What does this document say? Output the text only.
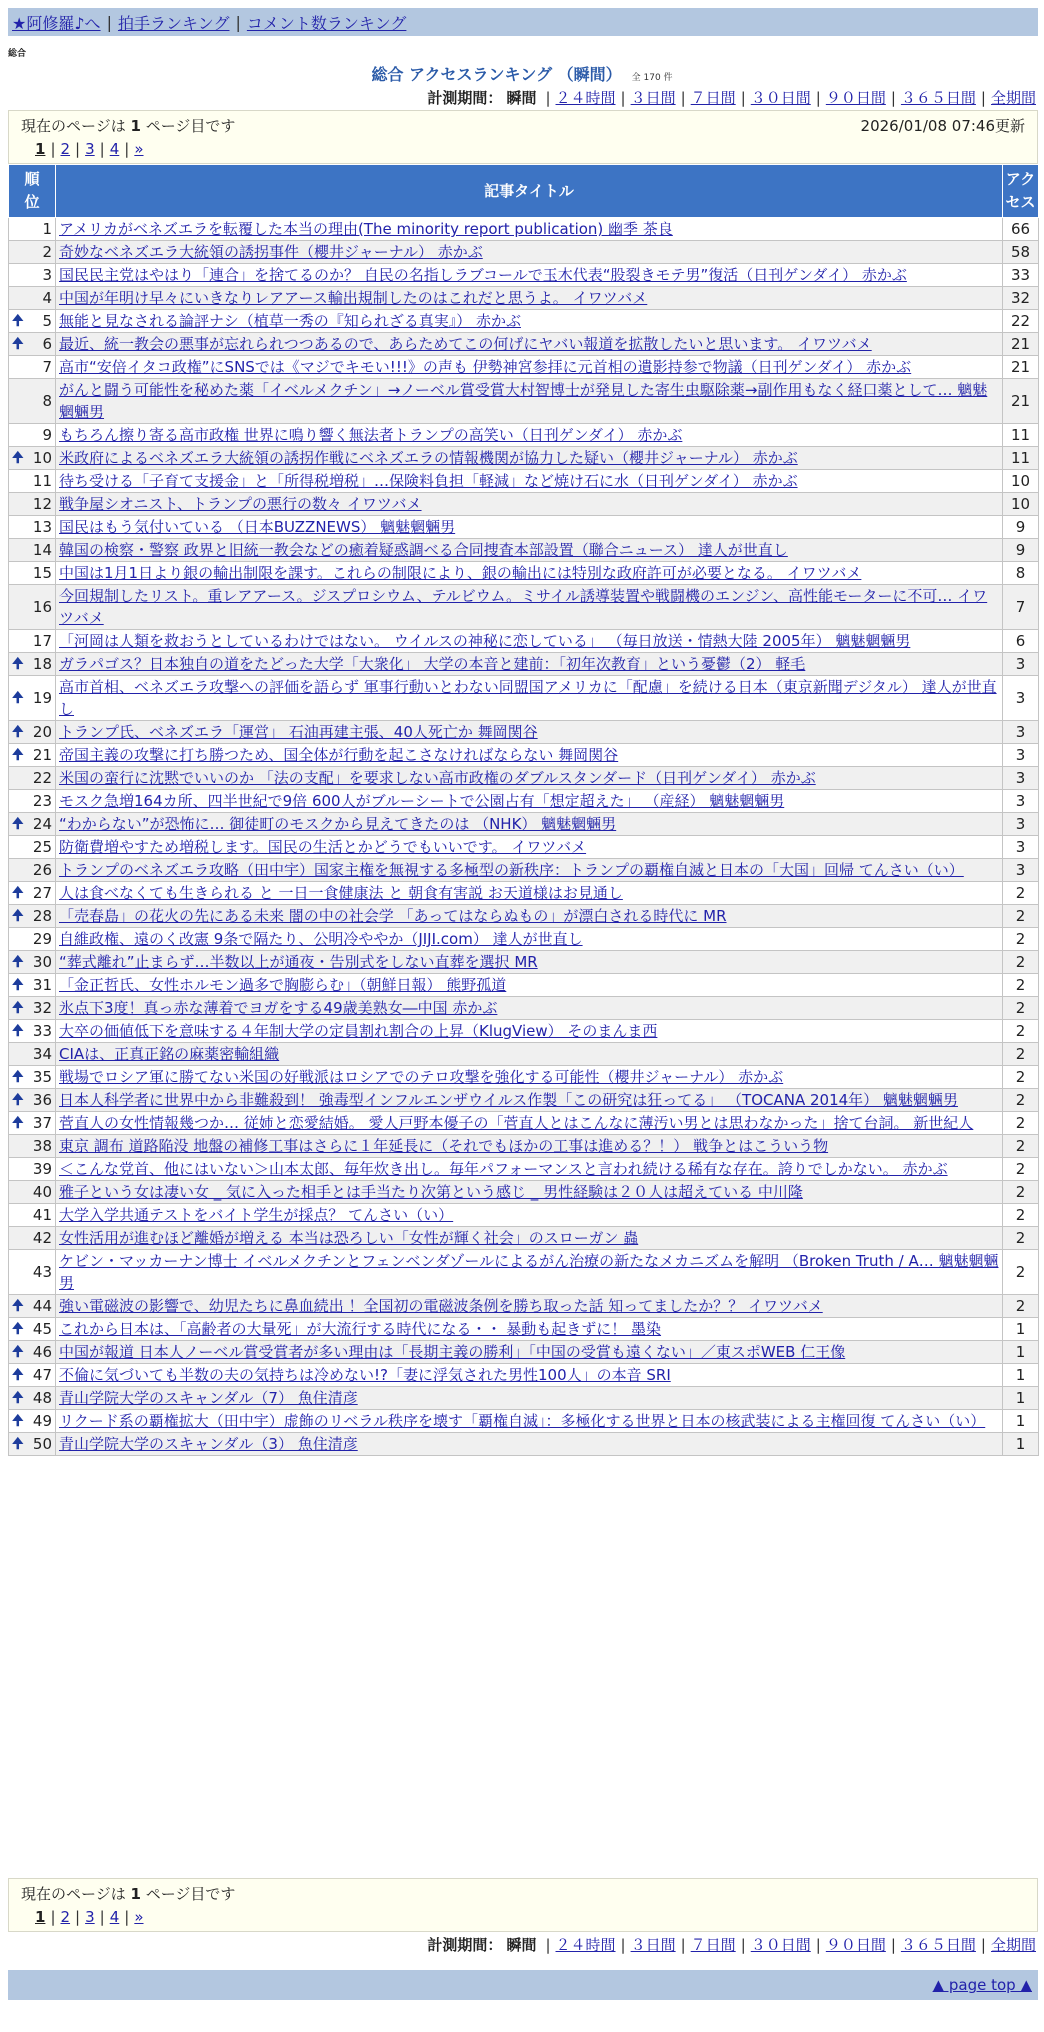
★阿修羅♪へ | 拍手ランキング | コメント数ランキング
総合
総合 アクセスランキング （瞬間） 全 170 件
計測期間： 瞬間 | ２４時間 | ３日間 | ７日間 | ３０日間 | ９０日間 | ３６５日間 | 全期間
現在のページは 1 ページ目です	2026/01/08 07:46更新
1 | 2 | 3 | 4 | »
順
位	記事タイトル	アク
セス
1	アメリカがベネズエラを転覆した本当の理由(The minority report publication) 幽季 茶良	66
2	奇妙なベネズエラ大統領の誘拐事件（櫻井ジャーナル） 赤かぶ	58
3	国民民主党はやはり「連合」を捨てるのか？ 自民の名指しラブコールで玉木代表“股裂きモテ男”復活（日刊ゲンダイ） 赤かぶ	33
4	中国が年明け早々にいきなりレアアース輸出規制したのはこれだと思うよ。 イワツバメ	32

🠉 5	無能と見なされる論評ナシ（植草一秀の『知られざる真実』） 赤かぶ	22

🠉 6	最近、統一教会の悪事が忘れられつつあるので、あらためてこの何げにヤバい報道を拡散したいと思います。 イワツバメ	21
7	高市“安倍イタコ政権”にSNSでは《マジでキモい!!!》の声も 伊勢神宮参拝に元首相の遺影持参で物議（日刊ゲンダイ） 赤かぶ	21
8	がんと闘う可能性を秘めた薬「イベルメクチン」→ノーベル賞受賞大村智博士が発見した寄生虫駆除薬→副作用もなく経口薬として… 魑魅魍魎男	21
9	もちろん擦り寄る高市政権 世界に鳴り響く無法者トランプの高笑い（日刊ゲンダイ） 赤かぶ	11

🠉 10	米政府によるベネズエラ大統領の誘拐作戦にベネズエラの情報機関が協力した疑い（櫻井ジャーナル） 赤かぶ	11
11	待ち受ける「子育て支援金」と「所得税増税」…保険料負担「軽減」など焼け石に水（日刊ゲンダイ） 赤かぶ	10
12	戦争屋シオニスト、トランプの悪行の数々 イワツバメ	10
13	国民はもう気付いている （日本BUZZNEWS） 魑魅魍魎男	9
14	韓国の検察・警察 政界と旧統一教会などの癒着疑惑調べる合同捜査本部設置（聯合ニュース） 達人が世直し	9
15	中国は1月1日より銀の輸出制限を課す。これらの制限により、銀の輸出には特別な政府許可が必要となる。 イワツバメ	8
16	今回規制したリスト。重レアアース。ジスプロシウム、テルビウム。ミサイル誘導装置や戦闘機のエンジン、高性能モーターに不可… イワツバメ	7
17	「河岡は人類を救おうとしているわけではない。 ウイルスの神秘に恋している」 （毎日放送・情熱大陸 2005年） 魑魅魍魎男	6

🠉 18	ガラパゴス？日本独自の道をたどった大学「大衆化」 大学の本音と建前：「初年次教育」という憂鬱（2） 軽毛	3

🠉 19	高市首相、ベネズエラ攻撃への評価を語らず 軍事行動いとわない同盟国アメリカに「配慮」を続ける日本（東京新聞デジタル） 達人が世直し	3

🠉 20	トランプ氏、ベネズエラ「運営」 石油再建主張、40人死亡か 舞岡関谷	3

🠉 21	帝国主義の攻撃に打ち勝つため、国全体が行動を起こさなければならない 舞岡関谷	3
22	米国の蛮行に沈黙でいいのか 「法の支配」を要求しない高市政権のダブルスタンダード（日刊ゲンダイ） 赤かぶ	3
23	モスク急増164カ所、四半世紀で9倍 600人がブルーシートで公園占有「想定超えた」 （産経） 魑魅魍魎男	3

🠉 24	“わからない”が恐怖に… 御徒町のモスクから見えてきたのは （NHK） 魑魅魍魎男	3
25	防衛費増やすため増税します。国民の生活とかどうでもいいです。 イワツバメ	3
26	トランプのベネズエラ攻略（田中宇）国家主権を無視する多極型の新秩序：トランプの覇権自滅と日本の「大国」回帰 てんさい（い）	3

🠉 27	人は食べなくても生きられる と 一日一食健康法 と 朝食有害説 お天道様はお見通し	2

🠉 28	「売春島」の花火の先にある未来 闇の中の社会学 「あってはならぬもの」が漂白される時代に MR	2
29	自維政権、遠のく改憲 9条で隔たり、公明冷ややか（JIJI.com） 達人が世直し	2

🠉 30	“葬式離れ”止まらず…半数以上が通夜・告別式をしない直葬を選択 MR	2

🠉 31	「金正哲氏、女性ホルモン過多で胸膨らむ」（朝鮮日報） 熊野孤道	2

🠉 32	氷点下3度！真っ赤な薄着でヨガをする49歳美熟女―中国 赤かぶ	2

🠉 33	大卒の価値低下を意味する４年制大学の定員割れ割合の上昇（KlugView） そのまんま西	2
34	CIAは、正真正銘の麻薬密輸組織	2

🠉 35	戦場でロシア軍に勝てない米国の好戦派はロシアでのテロ攻撃を強化する可能性（櫻井ジャーナル） 赤かぶ	2

🠉 36	日本人科学者に世界中から非難殺到！ 強毒型インフルエンザウイルス作製「この研究は狂ってる」 （TOCANA 2014年） 魑魅魍魎男	2

🠉 37	菅直人の女性情報幾つか… 従姉と恋愛結婚。 愛人戸野本優子の「菅直人とはこんなに薄汚い男とは思わなかった」捨て台詞。 新世紀人	2
38	東京 調布 道路陥没 地盤の補修工事はさらに１年延長に（それでもほかの工事は進める？！） 戦争とはこういう物	2
39	＜こんな党首、他にはいない＞山本太郎、毎年炊き出し。毎年パフォーマンスと言われ続ける稀有な存在。誇りでしかない。 赤かぶ	2
40	雅子という女は凄い女 _ 気に入った相手とは手当たり次第という感じ _ 男性経験は２０人は超えている 中川隆	2
41	大学入学共通テストをバイト学生が採点？ てんさい（い）	2
42	女性活用が進むほど離婚が増える 本当は恐ろしい「女性が輝く社会」のスローガン 蟲	2
43	ケビン・マッカーナン博士 イベルメクチンとフェンベンダゾールによるがん治療の新たなメカニズムを解明 （Broken Truth / A… 魑魅魍魎男	2

🠉 44	強い電磁波の影響で、幼児たちに鼻血続出 ！全国初の電磁波条例を勝ち取った話 知ってましたか？？ イワツバメ	2

🠉 45	これから日本は、「高齢者の大量死」が大流行する時代になる・・ 暴動も起きずに！ 墨染	1

🠉 46	中国が報道 日本人ノーベル賞受賞者が多い理由は「長期主義の勝利」「中国の受賞も遠くない」／東スポWEB 仁王像	1

🠉 47	不倫に気づいても半数の夫の気持ちは冷めない!?「妻に浮気された男性100人」の本音 SRI	1

🠉 48	青山学院大学のスキャンダル（7） 魚住清彦	1

🠉 49	リクード系の覇権拡大（田中宇）虚飾のリベラル秩序を壊す「覇権自滅」：多極化する世界と日本の核武装による主権回復 てんさい（い）	1

🠉 50	青山学院大学のスキャンダル（3） 魚住清彦	1
現在のページは 1 ページ目です
1 | 2 | 3 | 4 | »
計測期間： 瞬間 | ２４時間 | ３日間 | ７日間 | ３０日間 | ９０日間 | ３６５日間 | 全期間
▲ page top ▲
